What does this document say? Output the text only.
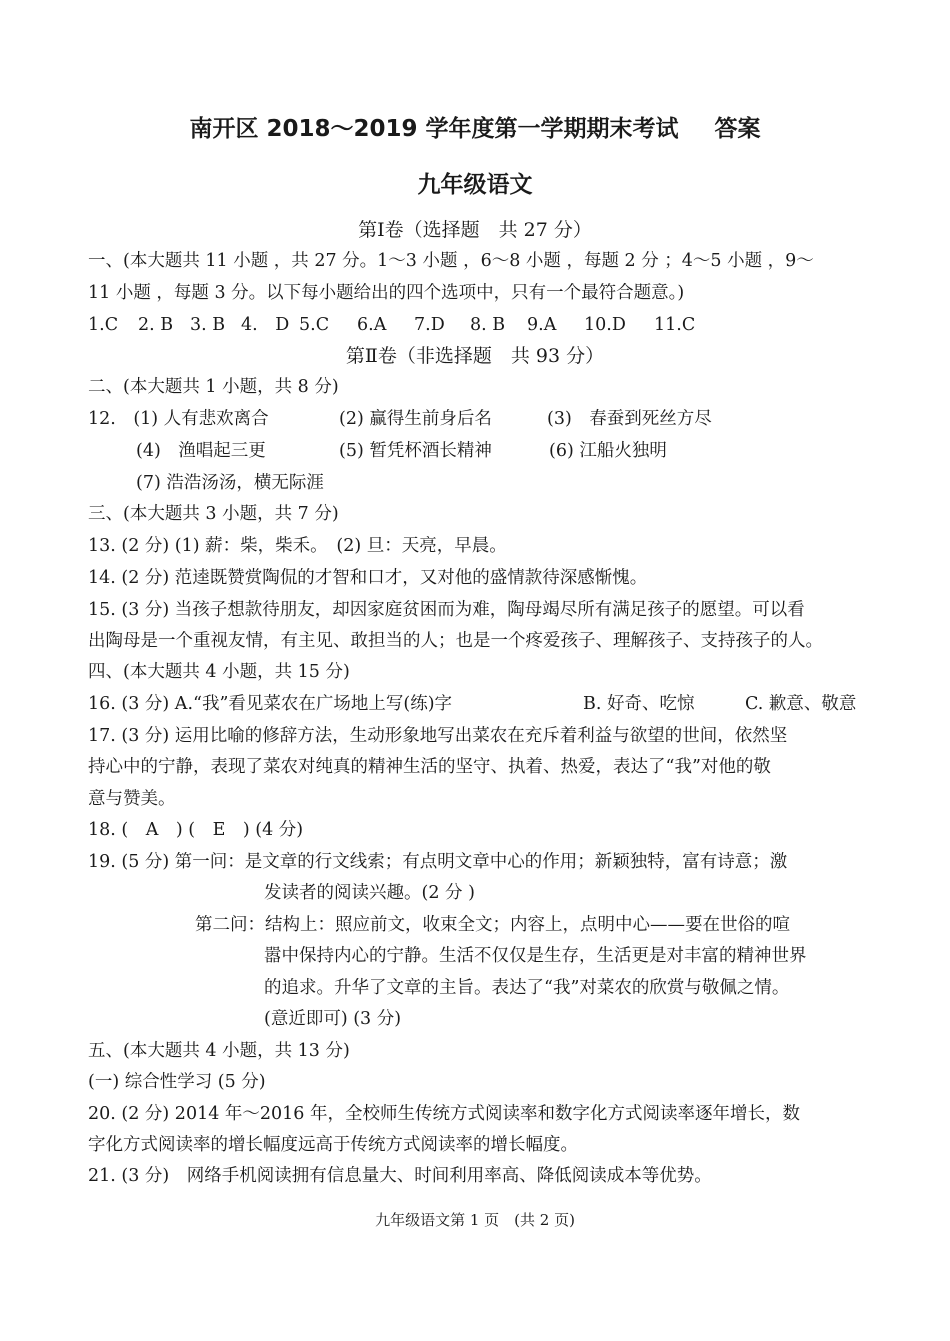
南开区 2018～2019 学年度第一学期期末考试 答案
九年级语文
第Ⅰ卷（选择题　共 27 分）
一、(本大题共 11 小题 ，共 27 分。1～3 小题 ，6～8 小题 ，每题 2 分 ；4～5 小题 ，9～
11 小题 ，每题 3 分。以下每小题给出的四个选项中，只有一个最符合题意。)
1.C 2. B 3. B 4.　D 5.C 6.A 7.D 8. B 9.A 10.D 11.C
第Ⅱ卷（非选择题　共 93 分）
二、(本大题共 1 小题，共 8 分)
12.　(1) 人有悲欢离合	(2) 赢得生前身后名	(3)　春蚕到死丝方尽
(4)　渔唱起三更	(5) 暂凭杯酒长精神	(6) 江船火独明
(7) 浩浩汤汤，横无际涯
三、(本大题共 3 小题，共 7 分)
13. (2 分) (1) 薪：柴，柴禾。　(2) 旦：天亮，早晨。
14. (2 分) 范逵既赞赏陶侃的才智和口才，又对他的盛情款待深感惭愧。
15. (3 分) 当孩子想款待朋友，却因家庭贫困而为难，陶母竭尽所有满足孩子的愿望。可以看
出陶母是一个重视友情，有主见、敢担当的人；也是一个疼爱孩子、理解孩子、支持孩子的人。
四、(本大题共 4 小题，共 15 分)
16. (3 分) A.“我”看见菜农在广场地上写(练)字	B. 好奇、吃惊	C. 歉意、敬意
17. (3 分) 运用比喻的修辞方法，生动形象地写出菜农在充斥着利益与欲望的世间，依然坚
持心中的宁静，表现了菜农对纯真的精神生活的坚守、执着、热爱，表达了“我”对他的敬
意与赞美。
18. (　A　) (　E　) (4 分)
19. (5 分) 第一问：是文章的行文线索；有点明文章中心的作用；新颖独特，富有诗意；激
发读者的阅读兴趣。(2 分 )
第二问：结构上：照应前文，收束全文；内容上，点明中心——要在世俗的喧
嚣中保持内心的宁静。生活不仅仅是生存，生活更是对丰富的精神世界
的追求。升华了文章的主旨。表达了“我”对菜农的欣赏与敬佩之情。
(意近即可) (3 分)
五、(本大题共 4 小题，共 13 分)
(一) 综合性学习 (5 分)
20. (2 分) 2014 年～2016 年，全校师生传统方式阅读率和数字化方式阅读率逐年增长，数
字化方式阅读率的增长幅度远高于传统方式阅读率的增长幅度。
21. (3 分)　网络手机阅读拥有信息量大、时间利用率高、降低阅读成本等优势。
九年级语文第 1 页　(共 2 页)
